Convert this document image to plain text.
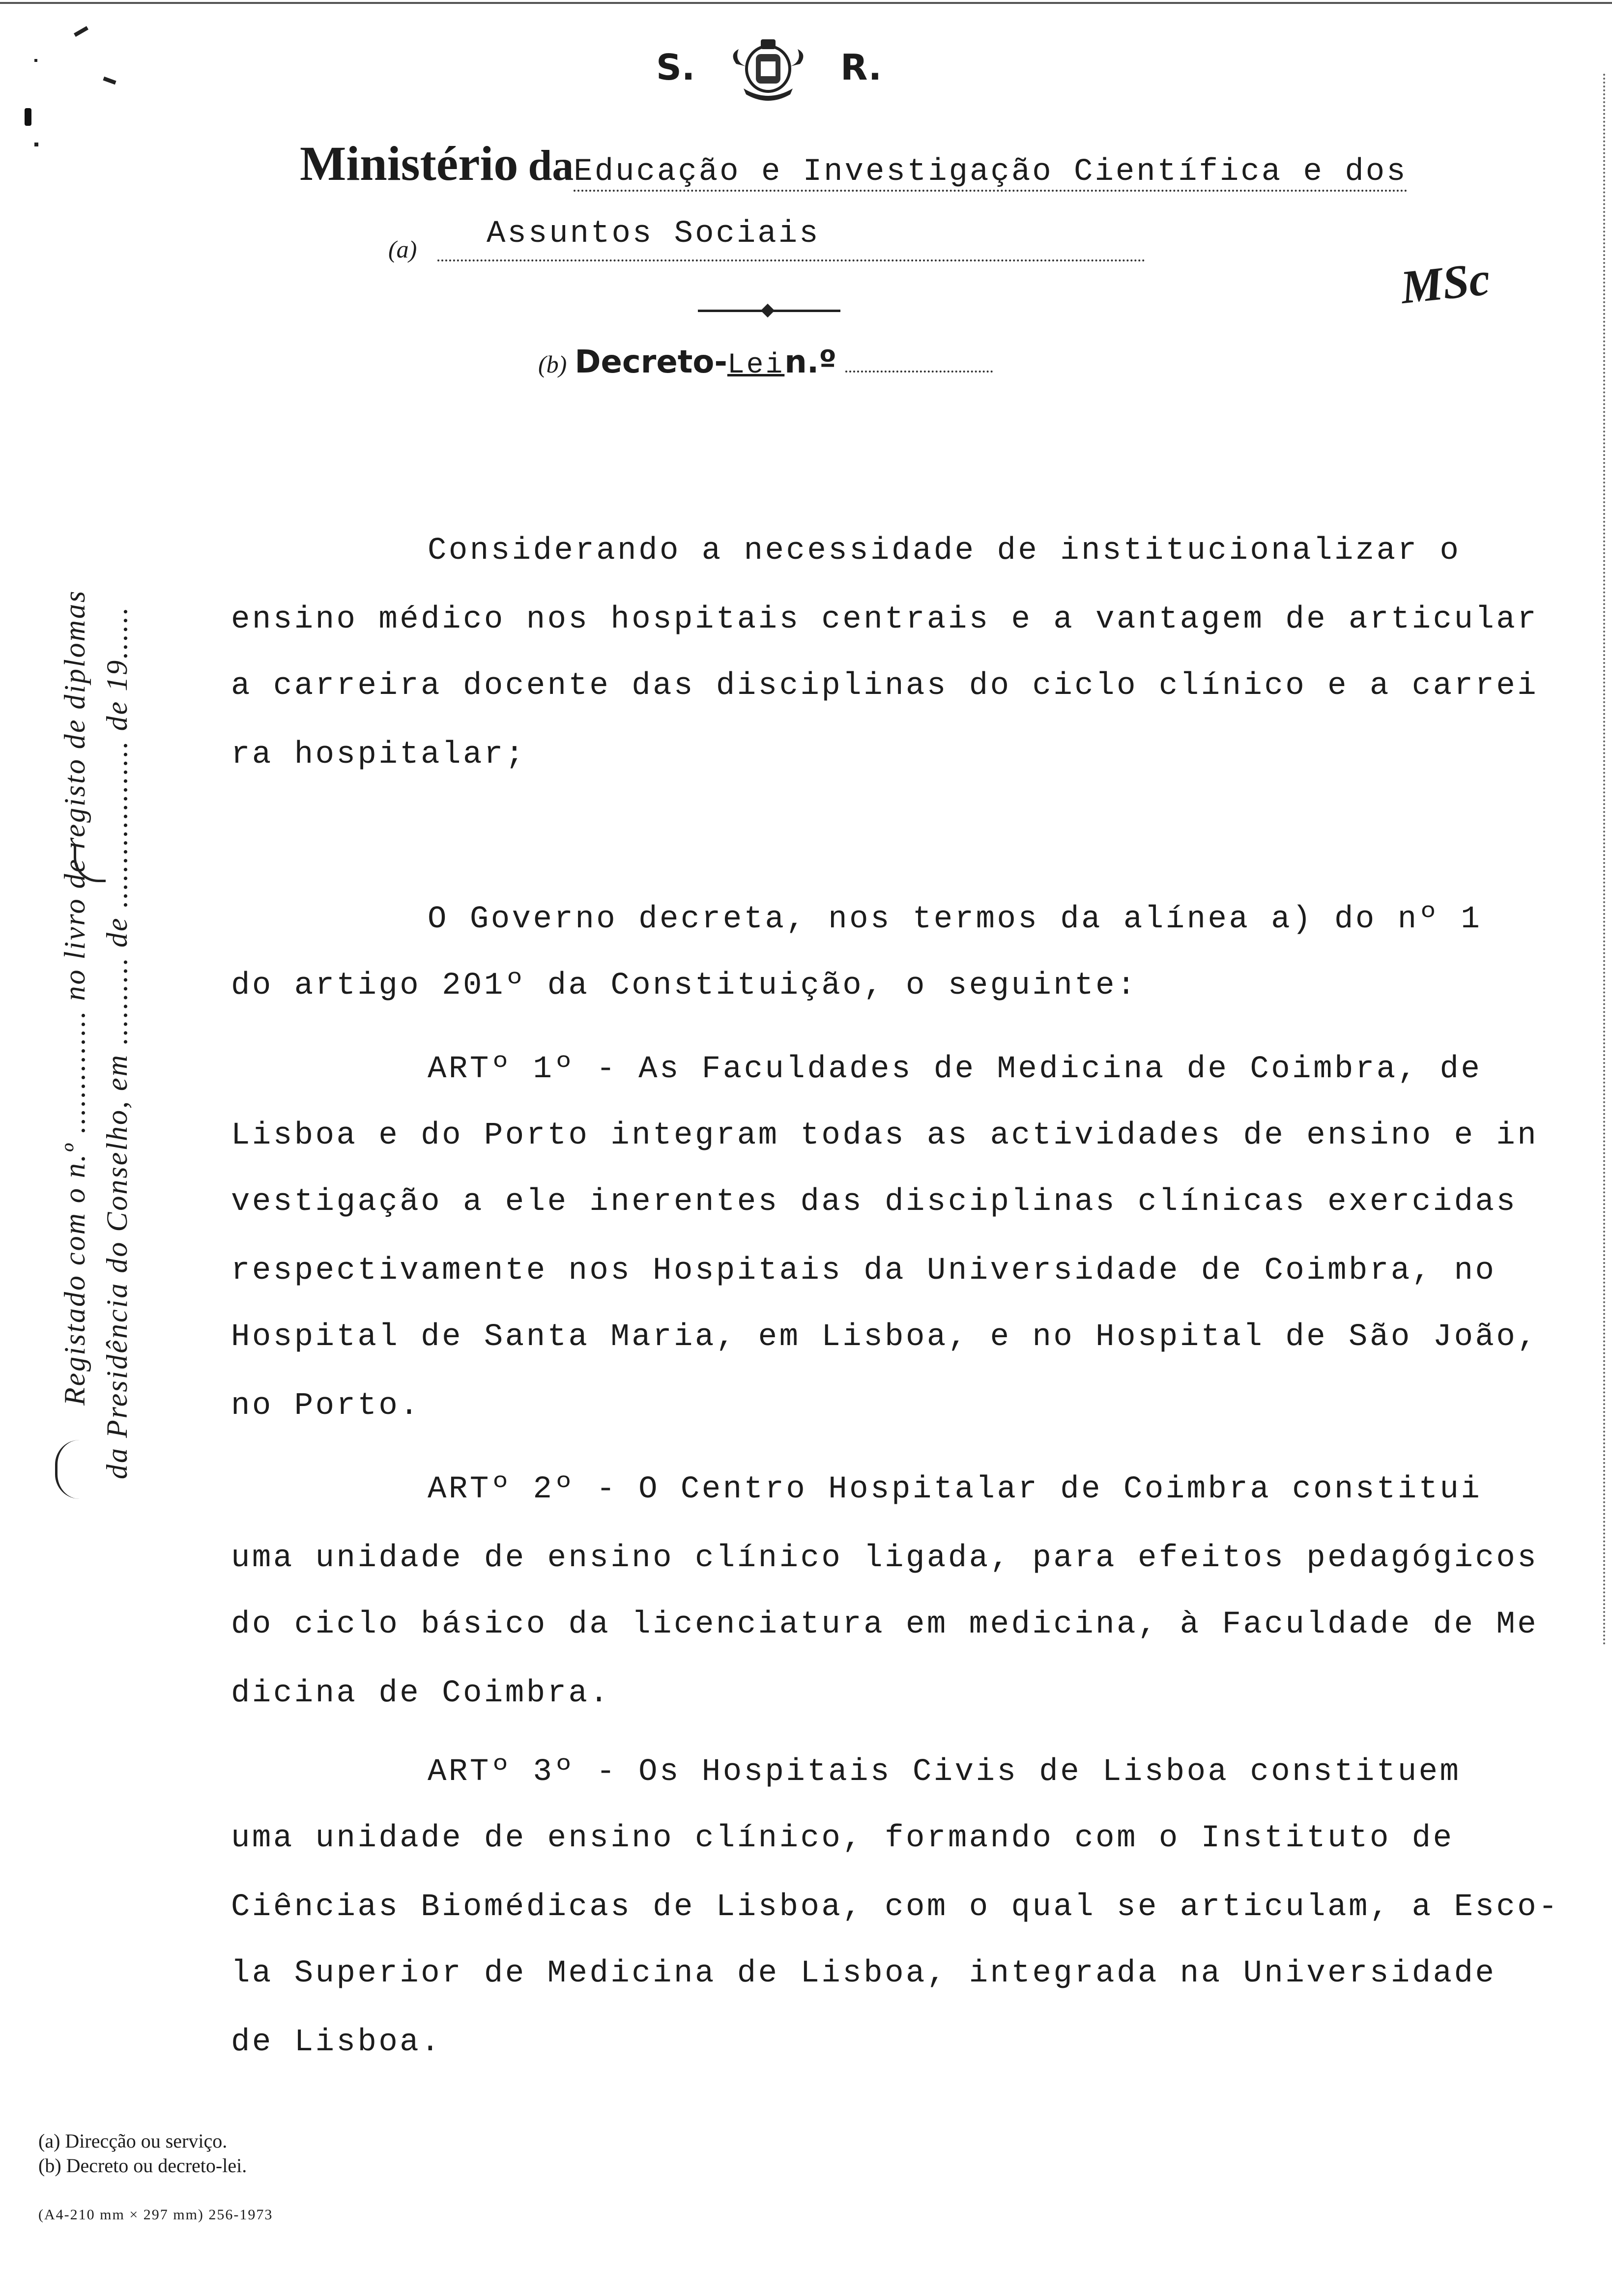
S.	R.
Ministério daEducação e Investigação Científica e dos
(a) Assuntos Sociais
MSc
(b) Decreto-Lein.º
Registado com o n.º .............. no livro de registo de diplomas da Presidência do Conselho, em .......... de ................... de 19......
Considerando a necessidade de institucionalizar o
ensino médico nos hospitais centrais e a vantagem de articular
a carreira docente das disciplinas do ciclo clínico e a carrei
ra hospitalar;
O Governo decreta, nos termos da alínea a) do nº 1
do artigo 201º da Constituição, o seguinte:
ARTº 1º - As Faculdades de Medicina de Coimbra, de
Lisboa e do Porto integram todas as actividades de ensino e in
vestigação a ele inerentes das disciplinas clínicas exercidas
respectivamente nos Hospitais da Universidade de Coimbra, no
Hospital de Santa Maria, em Lisboa, e no Hospital de São João,
no Porto.
ARTº 2º - O Centro Hospitalar de Coimbra constitui
uma unidade de ensino clínico ligada, para efeitos pedagógicos
do ciclo básico da licenciatura em medicina, à Faculdade de Me
dicina de Coimbra.
ARTº 3º - Os Hospitais Civis de Lisboa constituem
uma unidade de ensino clínico, formando com o Instituto de
Ciências Biomédicas de Lisboa, com o qual se articulam, a Esco-
la Superior de Medicina de Lisboa, integrada na Universidade
de Lisboa.
(a) Direcção ou serviço.
(b) Decreto ou decreto-lei.
(A4-210 mm × 297 mm) 256-1973
